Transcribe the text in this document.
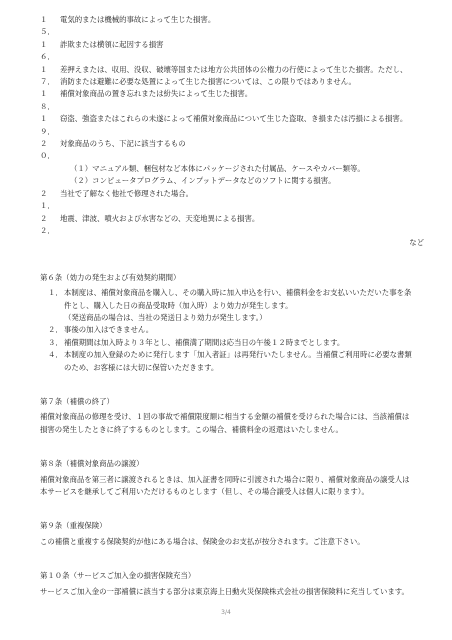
１５．
電気的または機械的事故によって生じた損害。
１６．
詐欺または横領に起因する損害
１７．
差押えまたは、収用、没収、破壊等国または地方公共団体の公権力の行使によって生じた損害。ただし、消防または避難に必要な処置によって生じた損害については、この限りではありません。
１８．
補償対象商品の置き忘れまたは紛失によって生じた損害。
１９．
窃盗、強盗またはこれらの未遂によって補償対象商品について生じた盗取、き損または汚損による損害。
２０．
対象商品のうち、下記に該当するもの
（１）マニュアル類、梱包材など本体にパッケージされた付属品、ケースやカバー類等。
（２）コンピュータプログラム、インプットデータなどのソフトに関する損害。
２１．
当社で了解なく他社で修理された場合。
２２．
地震、津波、噴火および水害などの、天変地異による損害。
など
第６条（効力の発生および有効契約期間）
１． 本制度は、補償対象商品を購入し、その購入時に加入申込を行い、補償料金をお支払いいただいた事を条件とし、購入した日の商品受取時（加入時）より効力が発生します。
（発送商品の場合は、当社の発送日より効力が発生します。）
２． 事後の加入はできません。
３． 補償期間は加入時より３年とし、補償満了期間は応当日の午後１２時までとします。
４． 本制度の加入登録のために発行します「加入者証」は再発行いたしません。当補償ご利用時に必要な書類のため、お客様には大切に保管いただきます。
第７条（補償の終了）
補償対象商品の修理を受け、１回の事故で補償限度額に相当する金額の補償を受けられた場合には、当該補償は損害の発生したときに終了するものとします。この場合、補償料金の返還はいたしません。
第８条（補償対象商品の譲渡）
補償対象商品を第三者に譲渡されるときは、加入証書を同時に引渡された場合に限り、補償対象商品の譲受人は本サービスを継承してご利用いただけるものとします（但し、その場合譲受人は個人に限ります）。
第９条（重複保険）
この補償と重複する保険契約が他にある場合は、保険金のお支払が按分されます。ご注意下さい。
第１０条（サービスご加入金の損害保険充当）
サービスご加入金の一部補償に該当する部分は東京海上日動火災保険株式会社の損害保険料に充当しています。
3/4
